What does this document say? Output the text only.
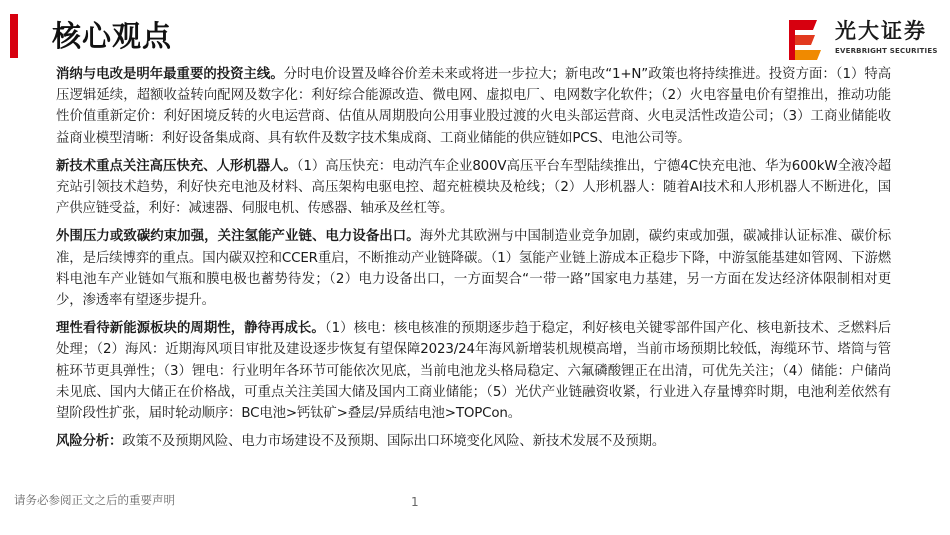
核心观点	光大证券
EVERBRIGHT SECURITIES

消纳与电改是明年最重要的投资主线。分时电价设置及峰谷价差未来或将进一步拉大；新电改“1+N”政策也将持续推进。投资方面：（1）特高压逻辑延续，超额收益转向配网及数字化：利好综合能源改造、微电网、虚拟电厂、电网数字化软件；（2）火电容量电价有望推出，推动功能性价值重新定价：利好困境反转的火电运营商、估值从周期股向公用事业股过渡的火电头部运营商、火电灵活性改造公司；（3）工商业储能收益商业模型清晰：利好设备集成商、具有软件及数字技术集成商、工商业储能的供应链如PCS、电池公司等。

新技术重点关注高压快充、人形机器人。（1）高压快充：电动汽车企业800V高压平台车型陆续推出，宁德4C快充电池、华为600kW全液冷超充站引领技术趋势，利好快充电池及材料、高压架构电驱电控、超充桩模块及枪线；（2）人形机器人：随着AI技术和人形机器人不断进化，国产供应链受益，利好：减速器、伺服电机、传感器、轴承及丝杠等。

外围压力或致碳约束加强，关注氢能产业链、电力设备出口。海外尤其欧洲与中国制造业竞争加剧，碳约束或加强，碳减排认证标准、碳价标准，是后续博弈的重点。国内碳双控和CCER重启，不断推动产业链降碳。（1）氢能产业链上游成本正稳步下降，中游氢能基建如管网、下游燃料电池车产业链如气瓶和膜电极也蓄势待发；（2）电力设备出口，一方面契合“一带一路”国家电力基建，另一方面在发达经济体限制相对更少，渗透率有望逐步提升。

理性看待新能源板块的周期性，静待再成长。（1）核电：核电核准的预期逐步趋于稳定，利好核电关键零部件国产化、核电新技术、乏燃料后处理；（2）海风：近期海风项目审批及建设逐步恢复有望保障2023/24年海风新增装机规模高增，当前市场预期比较低，海缆环节、塔筒与管桩环节更具弹性；（3）锂电：行业明年各环节可能依次见底，当前电池龙头格局稳定、六氟磷酸锂正在出清，可优先关注；（4）储能：户储尚未见底、国内大储正在价格战，可重点关注美国大储及国内工商业储能；（5）光伏产业链融资收紧，行业进入存量博弈时期，电池利差依然有望阶段性扩张，届时轮动顺序：BC电池>钙钛矿>叠层/异质结电池>TOPCon。

风险分析：政策不及预期风险、电力市场建设不及预期、国际出口环境变化风险、新技术发展不及预期。

请务必参阅正文之后的重要声明	1
